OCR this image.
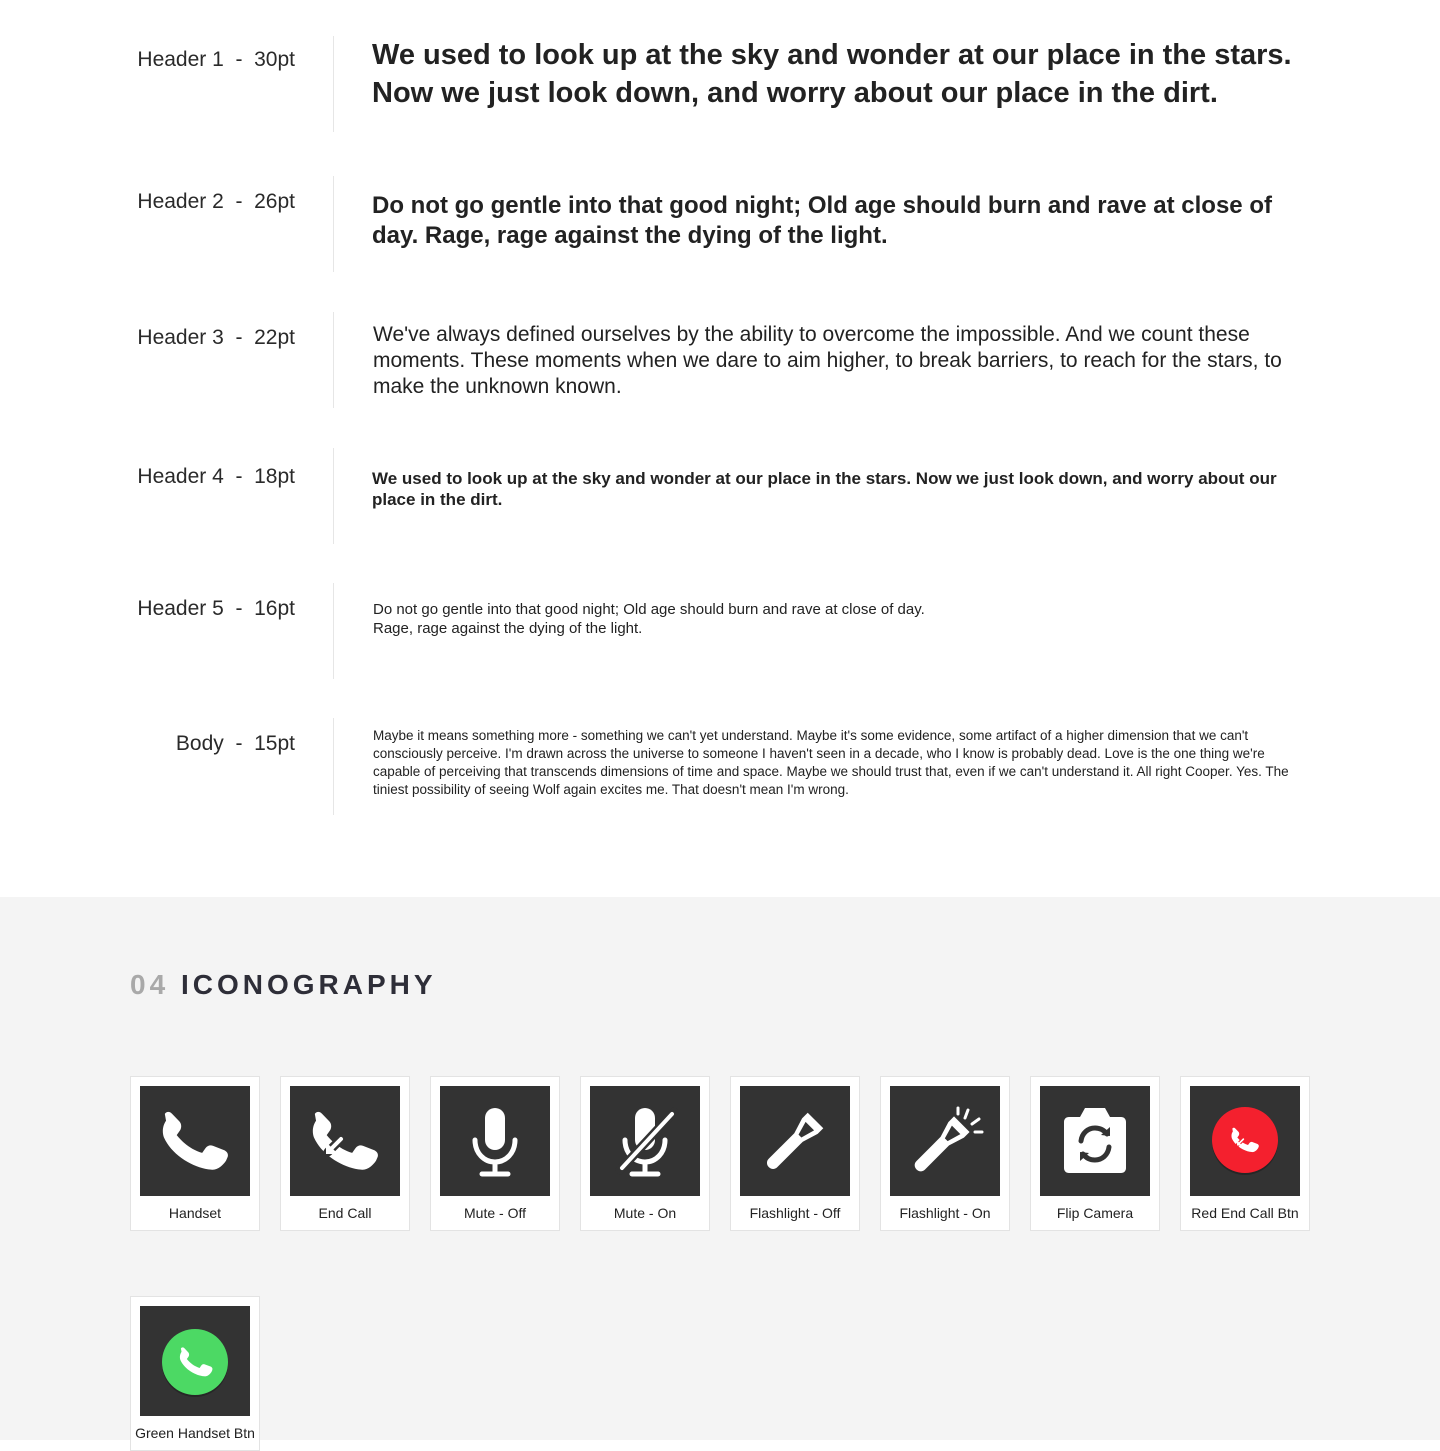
Header 1  -  30pt	We used to look up at the sky and wonder at our place in the stars. Now we just look down, and worry about our place in the dirt.
Header 2  -  26pt	Do not go gentle into that good night; Old age should burn and rave at close of day. Rage, rage against the dying of the light.
Header 3  -  22pt	We've always defined ourselves by the ability to overcome the impossible. And we count these moments. These moments when we dare to aim higher, to break barriers, to reach for the stars, to make the unknown known.
Header 4  -  18pt	We used to look up at the sky and wonder at our place in the stars. Now we just look down, and worry about our place in the dirt.
Header 5  -  16pt	Do not go gentle into that good night; Old age should burn and rave at close of day.
Rage, rage against the dying of the light.
Body  -  15pt	Maybe it means something more - something we can't yet understand. Maybe it's some evidence, some artifact of a higher dimension that we can't consciously perceive. I'm drawn across the universe to someone I haven't seen in a decade, who I know is probably dead. Love is the one thing we're capable of perceiving that transcends dimensions of time and space. Maybe we should trust that, even if we can't understand it. All right Cooper. Yes. The tiniest possibility of seeing Wolf again excites me. That doesn't mean I'm wrong.
04 ICONOGRAPHY
Handset	End Call	Mute - Off	Mute - On	Flashlight - Off	Flashlight - On	Flip Camera	Red End Call Btn
Green Handset Btn
